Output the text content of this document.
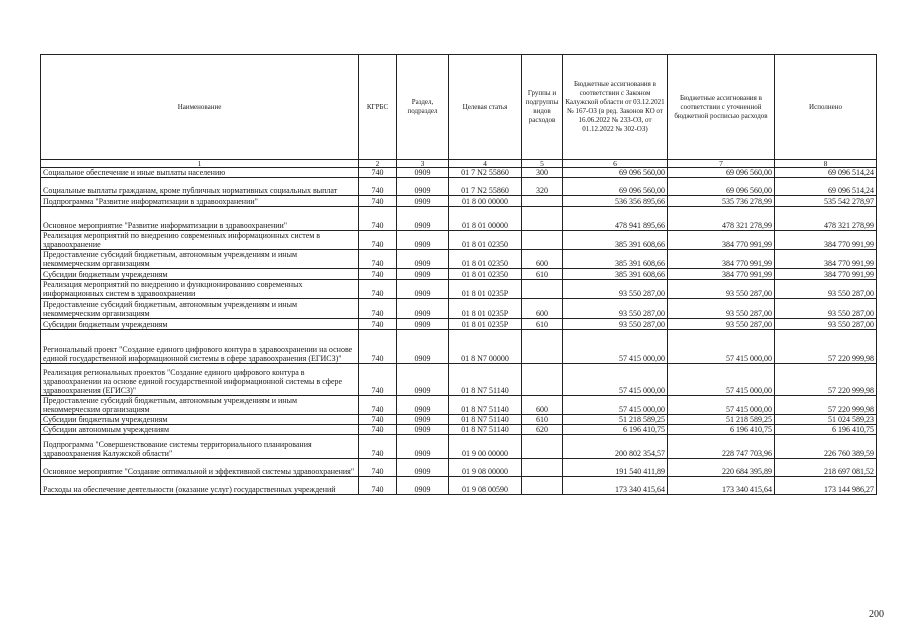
Наименование	КГРБС	Раздел, подраздел	Целевая статья	Группы и подгруппы видов расходов	Бюджетные ассигнования в соответствии с Законом Калужской области от 03.12.2021 № 167-ОЗ (в ред. Законов КО от 16.06.2022 № 233-ОЗ, от 01.12.2022 № 302-ОЗ)	Бюджетные ассигнования в соответствии с уточненной бюджетной росписью расходов	Исполнено
1	2	3	4	5	6	7	8
Социальное обеспечение и иные выплаты населению	740	0909	01 7 N2 55860	300	69 096 560,00	69 096 560,00	69 096 514,24
Социальные выплаты гражданам, кроме публичных нормативных социальных выплат	740	0909	01 7 N2 55860	320	69 096 560,00	69 096 560,00	69 096 514,24
Подпрограмма "Развитие информатизации в здравоохранении"	740	0909	01 8 00 00000		536 356 895,66	535 736 278,99	535 542 278,97
Основное мероприятие "Развитие информатизации в здравоохранении"	740	0909	01 8 01 00000		478 941 895,66	478 321 278,99	478 321 278,99
Реализация мероприятий по внедрению современных информационных систем в здравоохранение	740	0909	01 8 01 02350		385 391 608,66	384 770 991,99	384 770 991,99
Предоставление субсидий бюджетным, автономным учреждениям и иным некоммерческим организациям	740	0909	01 8 01 02350	600	385 391 608,66	384 770 991,99	384 770 991,99
Субсидии бюджетным учреждениям	740	0909	01 8 01 02350	610	385 391 608,66	384 770 991,99	384 770 991,99
Реализация мероприятий по внедрению и функционированию современных информационных систем в здравоохранении	740	0909	01 8 01 0235P		93 550 287,00	93 550 287,00	93 550 287,00
Предоставление субсидий бюджетным, автономным учреждениям и иным некоммерческим организациям	740	0909	01 8 01 0235P	600	93 550 287,00	93 550 287,00	93 550 287,00
Субсидии бюджетным учреждениям	740	0909	01 8 01 0235P	610	93 550 287,00	93 550 287,00	93 550 287,00
Региональный проект "Создание единого цифрового контура в здравоохранении на основе единой государственной информационной системы в сфере здравоохранения (ЕГИСЗ)"	740	0909	01 8 N7 00000		57 415 000,00	57 415 000,00	57 220 999,98
Реализация региональных проектов "Создание единого цифрового контура в здравоохранении на основе единой государственной информационной системы в сфере здравоохранения (ЕГИСЗ)"	740	0909	01 8 N7 51140		57 415 000,00	57 415 000,00	57 220 999,98
Предоставление субсидий бюджетным, автономным учреждениям и иным некоммерческим организациям	740	0909	01 8 N7 51140	600	57 415 000,00	57 415 000,00	57 220 999,98
Субсидии бюджетным учреждениям	740	0909	01 8 N7 51140	610	51 218 589,25	51 218 589,25	51 024 589,23
Субсидии автономным учреждениям	740	0909	01 8 N7 51140	620	6 196 410,75	6 196 410,75	6 196 410,75
Подпрограмма "Совершенствование системы территориального планирования здравоохранения Калужской области"	740	0909	01 9 00 00000		200 802 354,57	228 747 703,96	226 760 389,59
Основное мероприятие "Создание оптимальной и эффективной системы здравоохранения"	740	0909	01 9 08 00000		191 540 411,89	220 684 395,89	218 697 081,52
Расходы на обеспечение деятельности (оказание услуг) государственных учреждений	740	0909	01 9 08 00590		173 340 415,64	173 340 415,64	173 144 986,27
200
